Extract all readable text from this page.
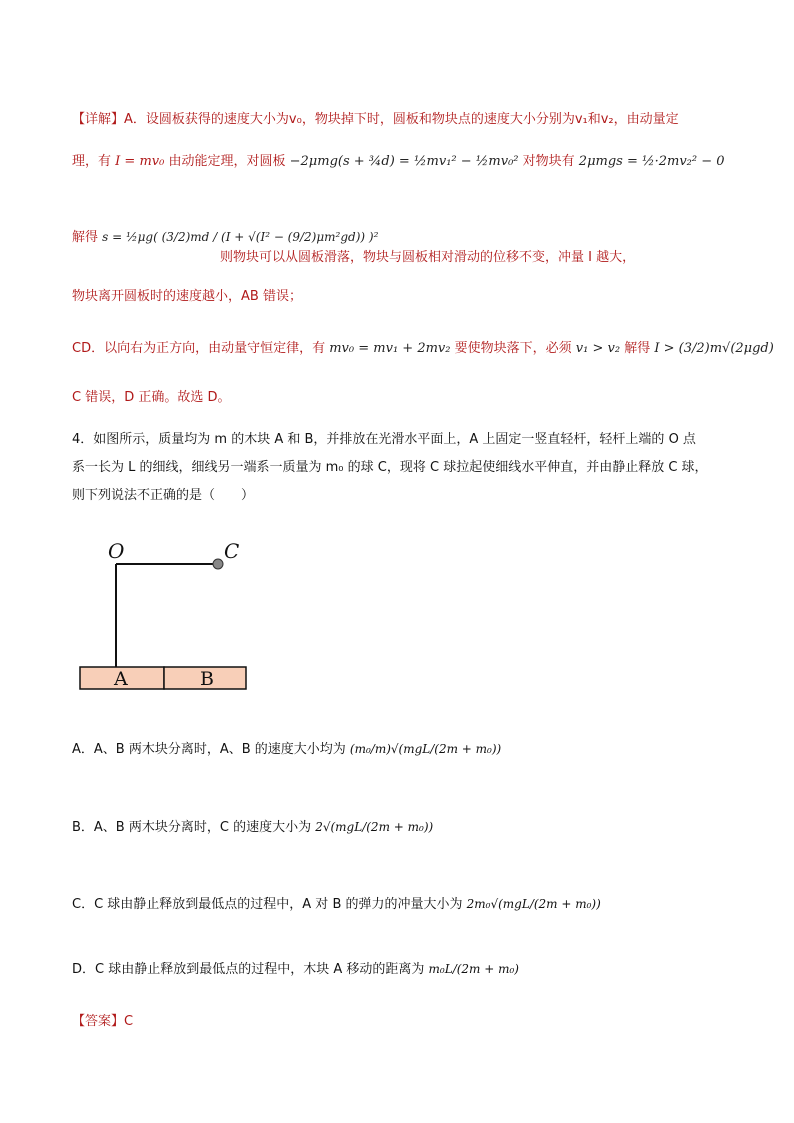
【详解】A．设圆板获得的速度大小为v₀，物块掉下时，圆板和物块点的速度大小分别为v₁和v₂，由动量定
理，有 I = mv₀ 由动能定理，对圆板 −2μmg(s + ¾d) = ½mv₁² − ½mv₀² 对物块有 2μmgs = ½·2mv₂² − 0
解得 s = ½μg( (3/2)md / (I + √(I² − (9/2)μm²gd)) )²
则物块可以从圆板滑落，物块与圆板相对滑动的位移不变，冲量 I 越大，
物块离开圆板时的速度越小，AB 错误；
CD．以向右为正方向，由动量守恒定律，有 mv₀ = mv₁ + 2mv₂ 要使物块落下，必须 v₁ > v₂ 解得 I > (3/2)m√(2μgd)
C 错误，D 正确。故选 D。
4．如图所示，质量均为 m 的木块 A 和 B，并排放在光滑水平面上，A 上固定一竖直轻杆，轻杆上端的 O 点
系一长为 L 的细线，细线另一端系一质量为 m₀ 的球 C，现将 C 球拉起使细线水平伸直，并由静止释放 C 球，
则下列说法不正确的是（　　）
O	C
A	B
A．A、B 两木块分离时，A、B 的速度大小均为 (m₀/m)√(mgL/(2m + m₀))
B．A、B 两木块分离时，C 的速度大小为 2√(mgL/(2m + m₀))
C．C 球由静止释放到最低点的过程中，A 对 B 的弹力的冲量大小为 2m₀√(mgL/(2m + m₀))
D．C 球由静止释放到最低点的过程中，木块 A 移动的距离为 m₀L/(2m + m₀)
【答案】C
